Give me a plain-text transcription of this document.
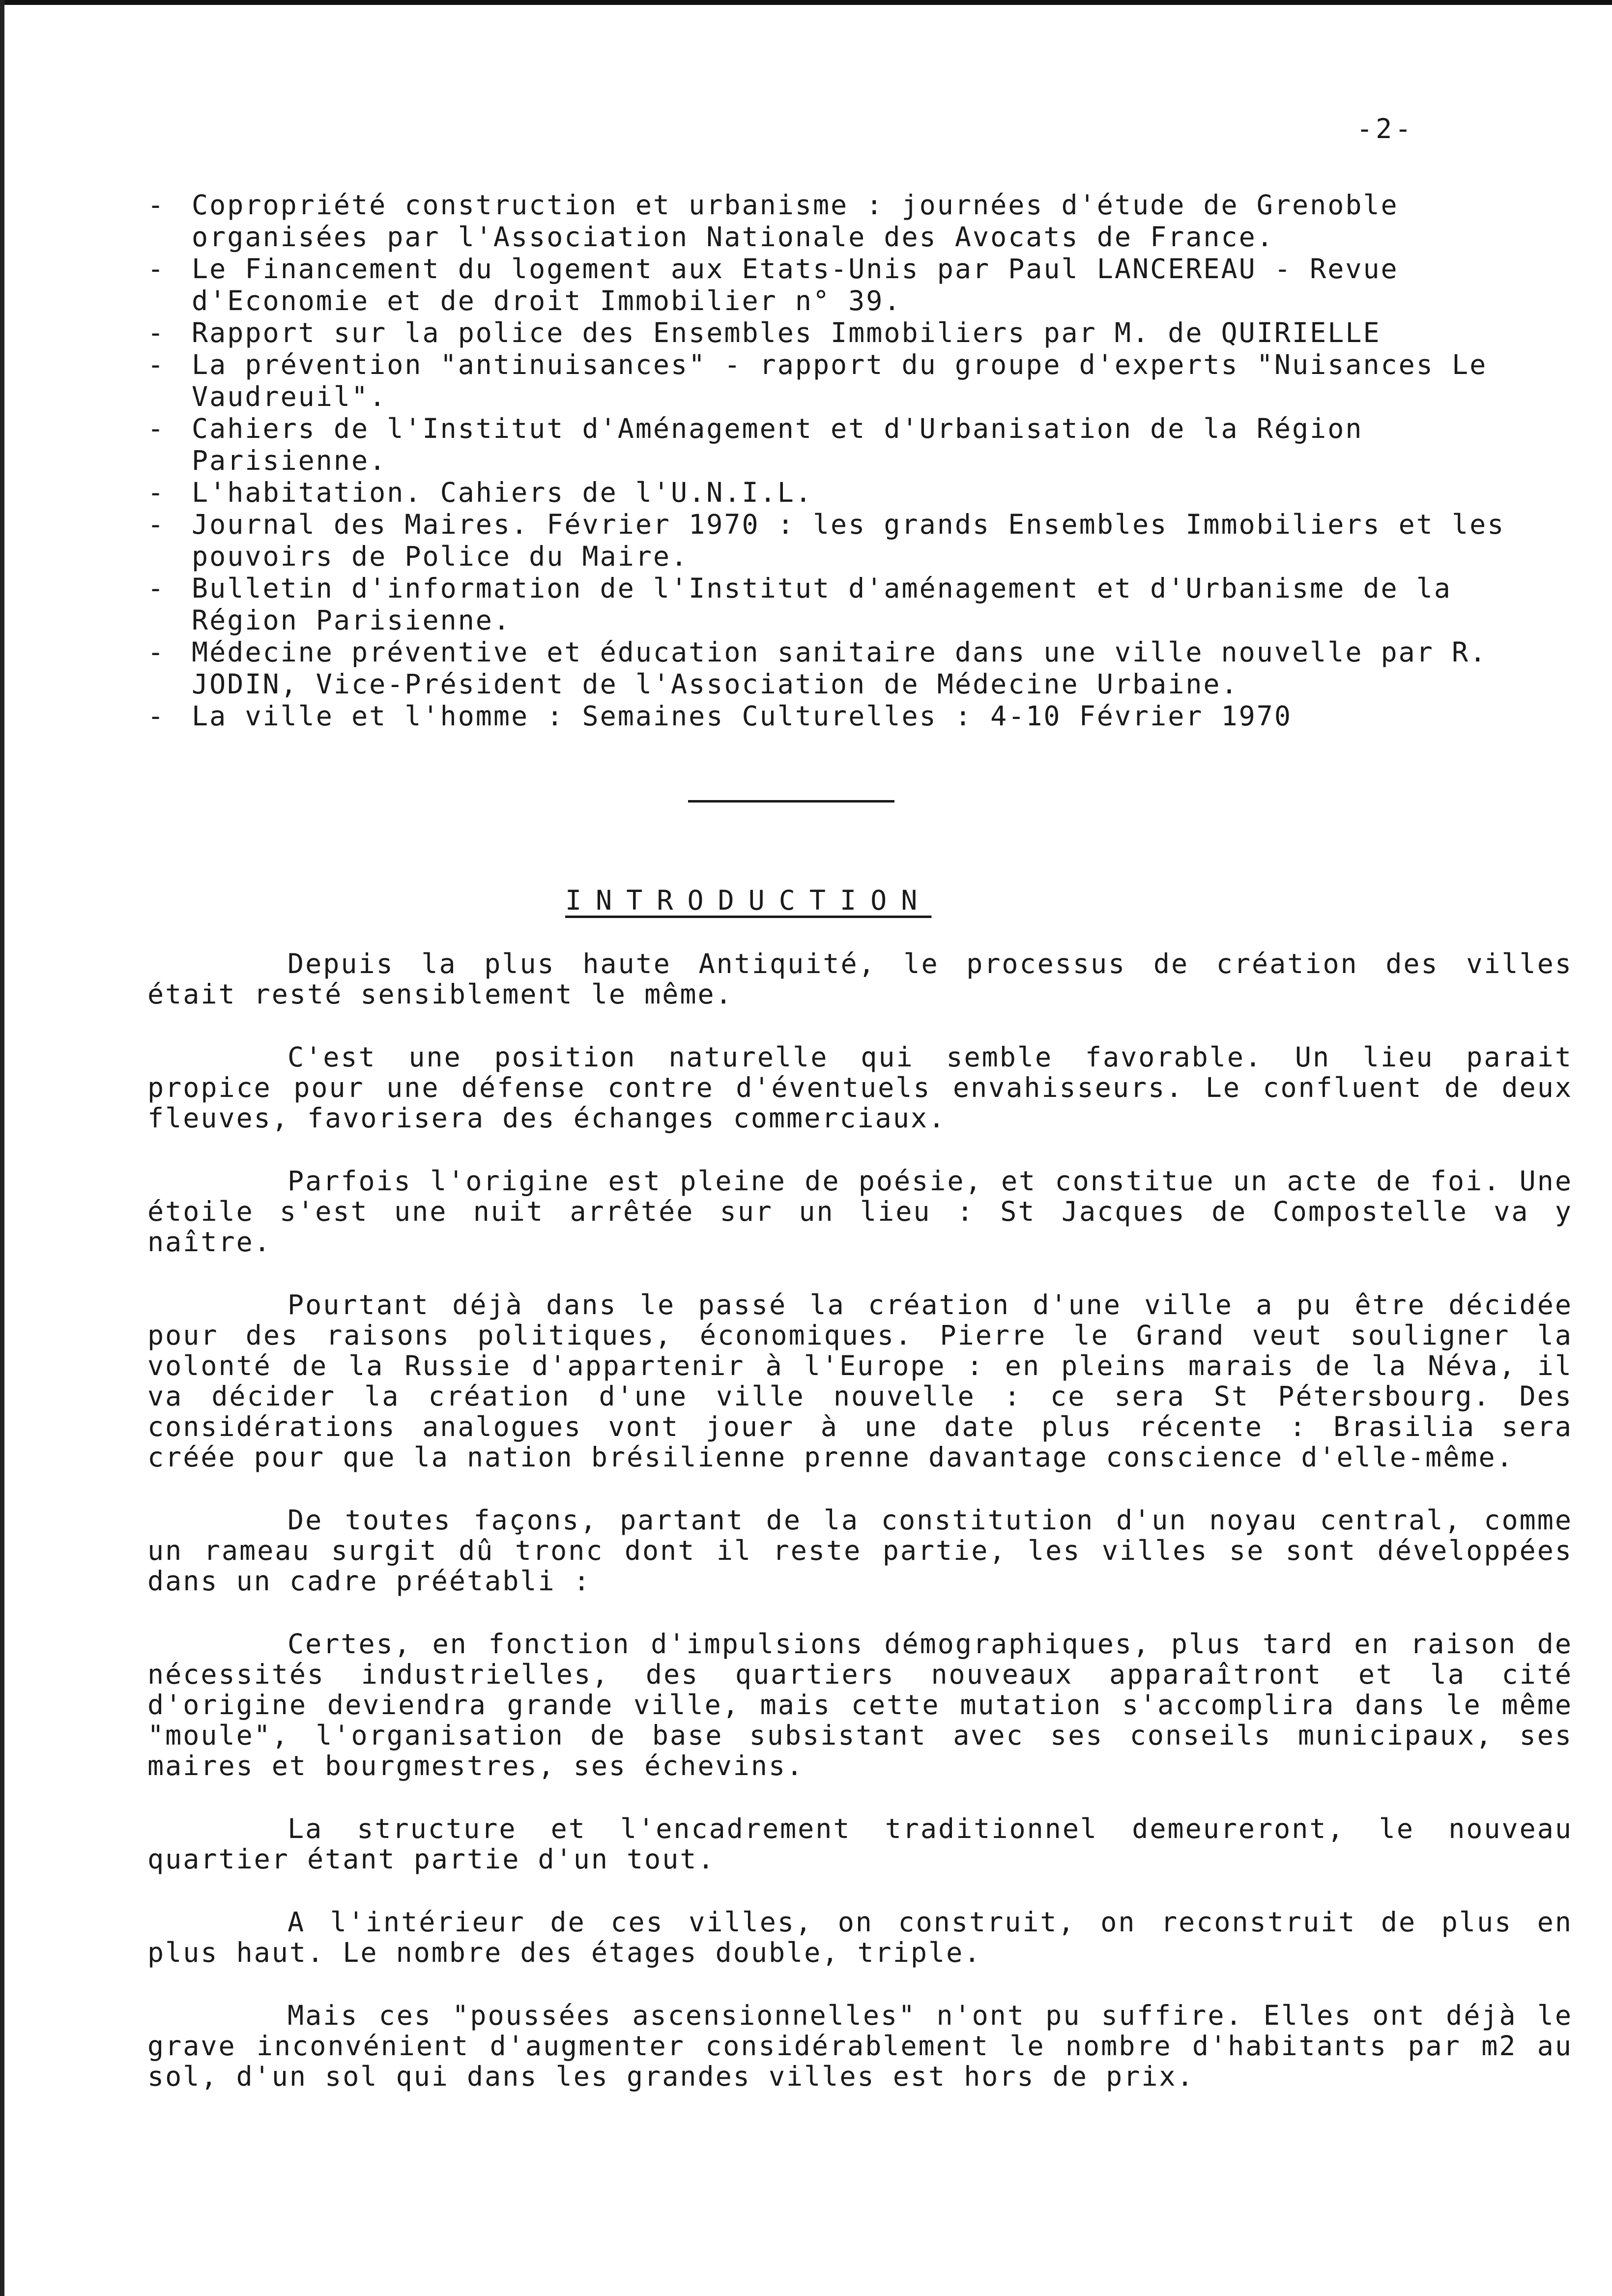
-2-
- Copropriété construction et urbanisme : journées d'étude de Grenoble organisées par l'Association Nationale des Avocats de France.
- Le Financement du logement aux Etats-Unis par Paul LANCEREAU - Revue d'Economie et de droit Immobilier n° 39.
- Rapport sur la police des Ensembles Immobiliers par M. de QUIRIELLE
- La prévention "antinuisances" - rapport du groupe d'experts "Nuisances Le Vaudreuil".
- Cahiers de l'Institut d'Aménagement et d'Urbanisation de la Région Parisienne.
- L'habitation. Cahiers de l'U.N.I.L.
- Journal des Maires. Février 1970 : les grands Ensembles Immobiliers et les pouvoirs de Police du Maire.
- Bulletin d'information de l'Institut d'aménagement et d'Urbanisme de la Région Parisienne.
- Médecine préventive et éducation sanitaire dans une ville nouvelle par R. JODIN, Vice-Président de l'Association de Médecine Urbaine.
- La ville et l'homme : Semaines Culturelles : 4-10 Février 1970
INTRODUCTION

Depuis la plus haute Antiquité, le processus de création des villes était resté sensiblement le même.

C'est une position naturelle qui semble favorable. Un lieu parait propice pour une défense contre d'éventuels envahisseurs. Le confluent de deux fleuves, favorisera des échanges commerciaux.

Parfois l'origine est pleine de poésie, et constitue un acte de foi. Une étoile s'est une nuit arrêtée sur un lieu : St Jacques de Compostelle va y naître.

Pourtant déjà dans le passé la création d'une ville a pu être décidée pour des raisons politiques, économiques. Pierre le Grand veut souligner la volonté de la Russie d'appartenir à l'Europe : en pleins marais de la Néva, il va décider la création d'une ville nouvelle : ce sera St Pétersbourg. Des considérations analogues vont jouer à une date plus récente : Brasilia sera créée pour que la nation brésilienne prenne davantage conscience d'elle-même.

De toutes façons, partant de la constitution d'un noyau central, comme un rameau surgit dû tronc dont il reste partie, les villes se sont développées dans un cadre préétabli :

Certes, en fonction d'impulsions démographiques, plus tard en raison de nécessités industrielles, des quartiers nouveaux apparaîtront et la cité d'origine deviendra grande ville, mais cette mutation s'accomplira dans le même "moule", l'organisation de base subsistant avec ses conseils municipaux, ses maires et bourgmestres, ses échevins.

La structure et l'encadrement traditionnel demeureront, le nouveau quartier étant partie d'un tout.

A l'intérieur de ces villes, on construit, on reconstruit de plus en plus haut. Le nombre des étages double, triple.

Mais ces "poussées ascensionnelles" n'ont pu suffire. Elles ont déjà le grave inconvénient d'augmenter considérablement le nombre d'habitants par m2 au sol, d'un sol qui dans les grandes villes est hors de prix.
